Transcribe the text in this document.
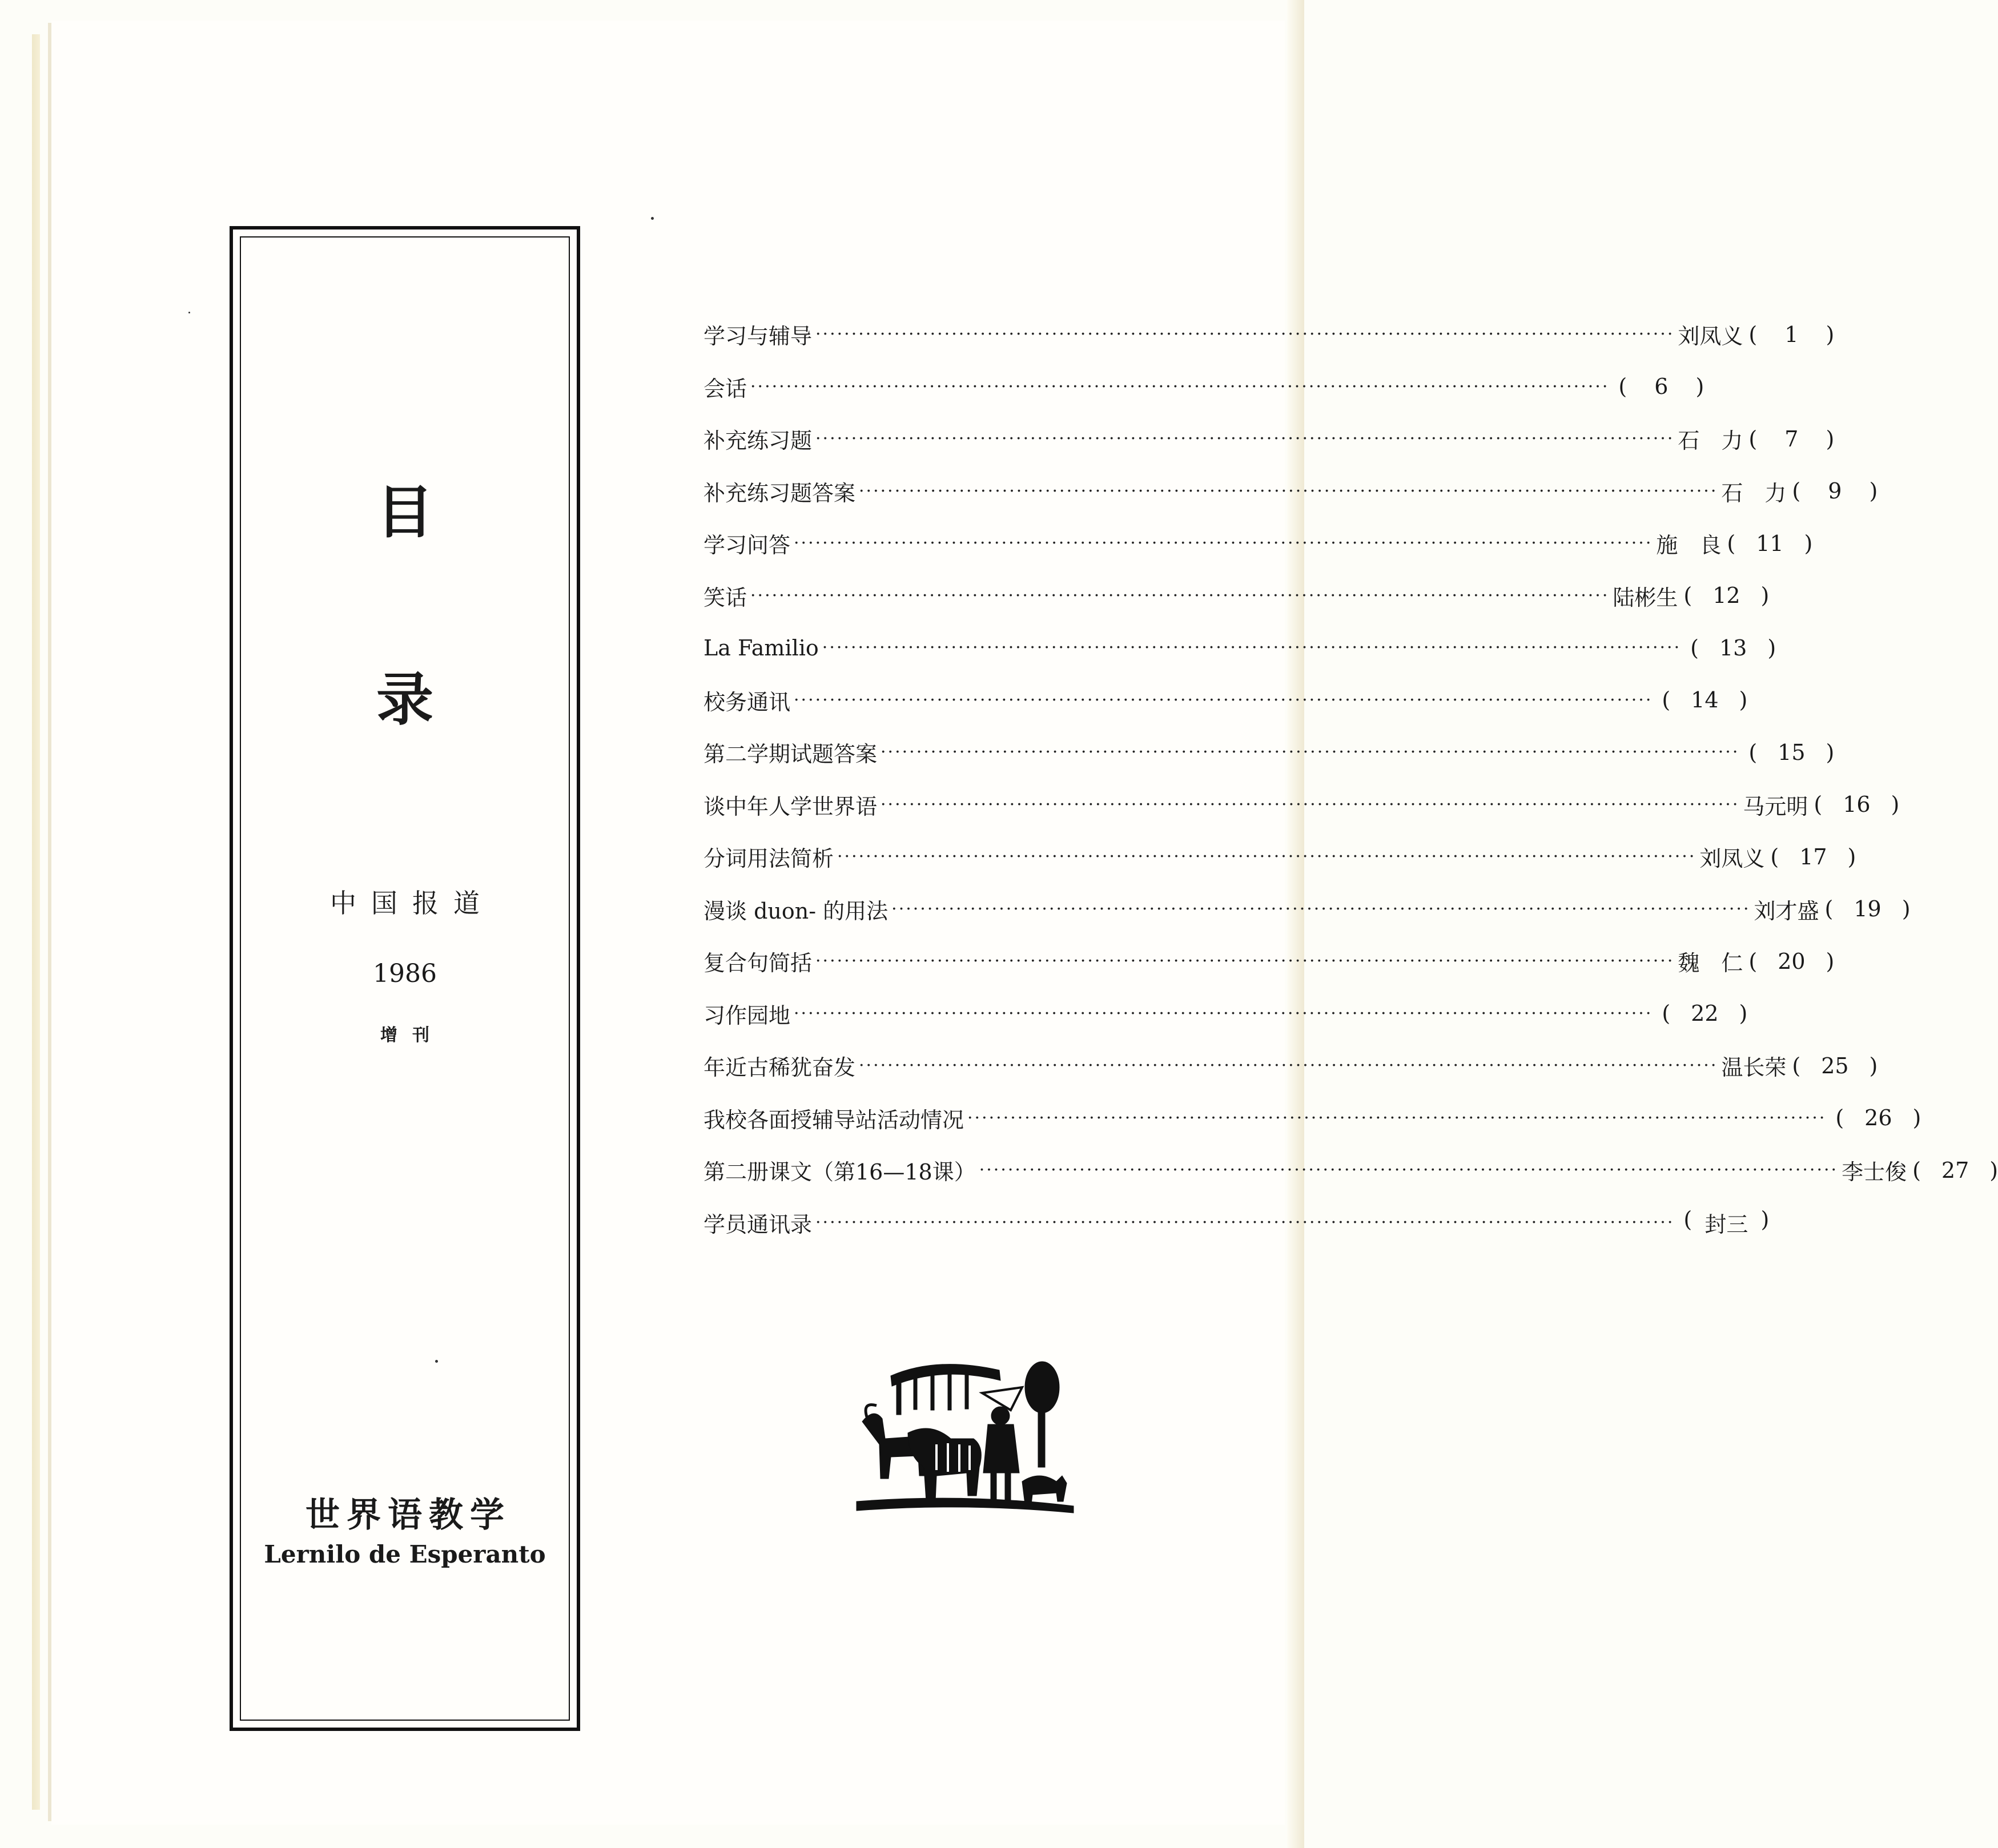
目
录
中国报道
1986
增刊
世界语教学
Lernilo de Esperanto
学习与辅导 ························································································································ 刘凤义 (	1	)
会话 ························································································································ (	6	)
补充练习题 ························································································································ 石　力 (	7	)
补充练习题答案 ························································································································ 石　力 (	9	)
学习问答 ························································································································ 施　良 ( 11 )
笑话 ························································································································ 陆彬生 ( 12 )
La Familio ························································································································ ( 13 )
校务通讯 ························································································································ ( 14 )
第二学期试题答案 ························································································································ ( 15 )
谈中年人学世界语 ························································································································ 马元明 ( 16 )
分词用法简析 ························································································································ 刘凤义 ( 17 )
漫谈 duon- 的用法 ························································································································ 刘才盛 ( 19 )
复合句简括 ························································································································ 魏　仁 ( 20 )
习作园地 ························································································································ ( 22 )
年近古稀犹奋发 ························································································································ 温长荣 ( 25 )
我校各面授辅导站活动情况 ························································································································ ( 26 )
第二册课文（第16—18课） ························································································································ 李士俊 ( 27 )
学员通讯录 ························································································································ ( 封三 )
